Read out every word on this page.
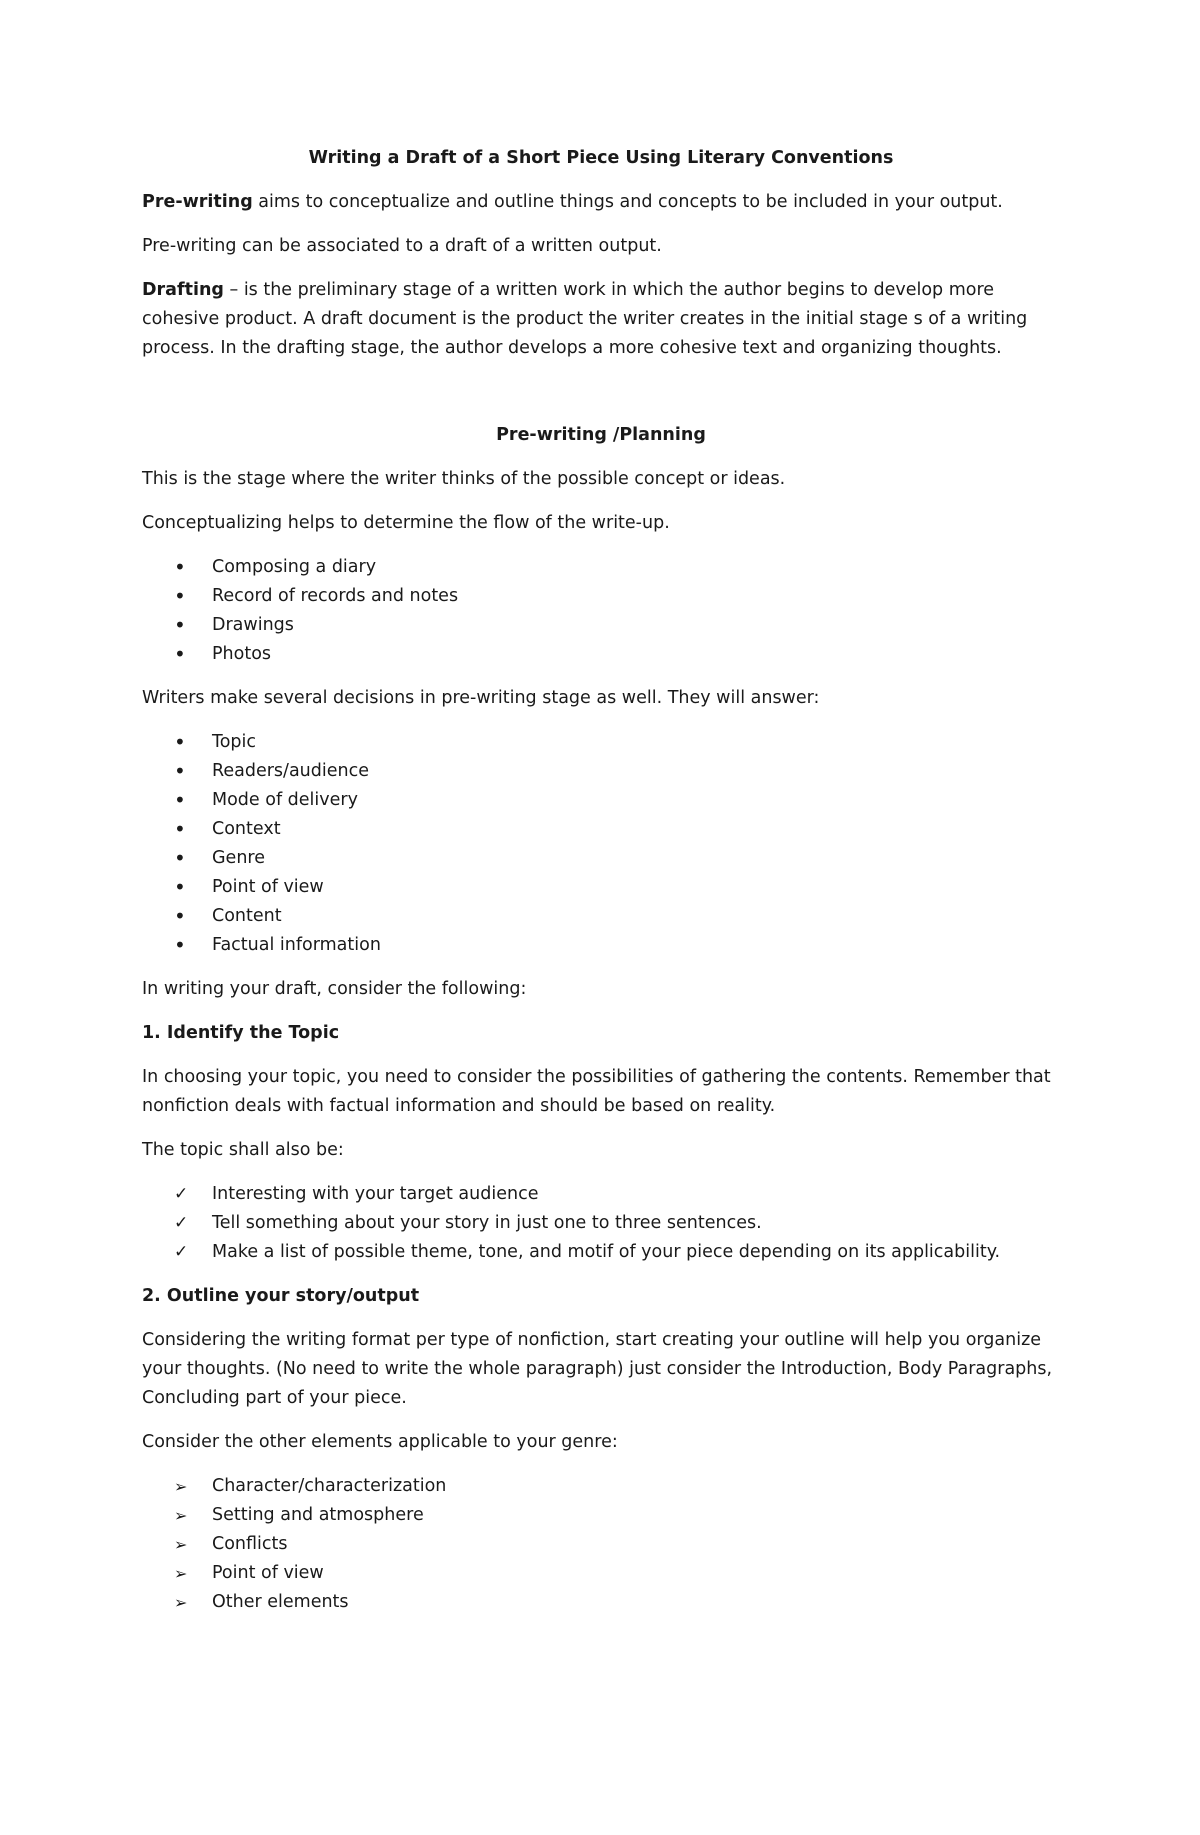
Writing a Draft of a Short Piece Using Literary Conventions

Pre-writing aims to conceptualize and outline things and concepts to be included in your output.

Pre-writing can be associated to a draft of a written output.

Drafting – is the preliminary stage of a written work in which the author begins to develop more cohesive product. A draft document is the product the writer creates in the initial stage s of a writing process. In the drafting stage, the author develops a more cohesive text and organizing thoughts.

Pre-writing /Planning

This is the stage where the writer thinks of the possible concept or ideas.

Conceptualizing helps to determine the flow of the write-up.

•	Composing a diary
•	Record of records and notes
•	Drawings
•	Photos

Writers make several decisions in pre-writing stage as well. They will answer:

•	Topic
•	Readers/audience
•	Mode of delivery
•	Context
•	Genre
•	Point of view
•	Content
•	Factual information

In writing your draft, consider the following:

1. Identify the Topic

In choosing your topic, you need to consider the possibilities of gathering the contents. Remember that nonfiction deals with factual information and should be based on reality.

The topic shall also be:

✓	Interesting with your target audience
✓	Tell something about your story in just one to three sentences.
✓	Make a list of possible theme, tone, and motif of your piece depending on its applicability.

2. Outline your story/output

Considering the writing format per type of nonfiction, start creating your outline will help you organize your thoughts. (No need to write the whole paragraph) just consider the Introduction, Body Paragraphs, Concluding part of your piece.

Consider the other elements applicable to your genre:

➢	Character/characterization
➢	Setting and atmosphere
➢	Conflicts
➢	Point of view
➢	Other elements
